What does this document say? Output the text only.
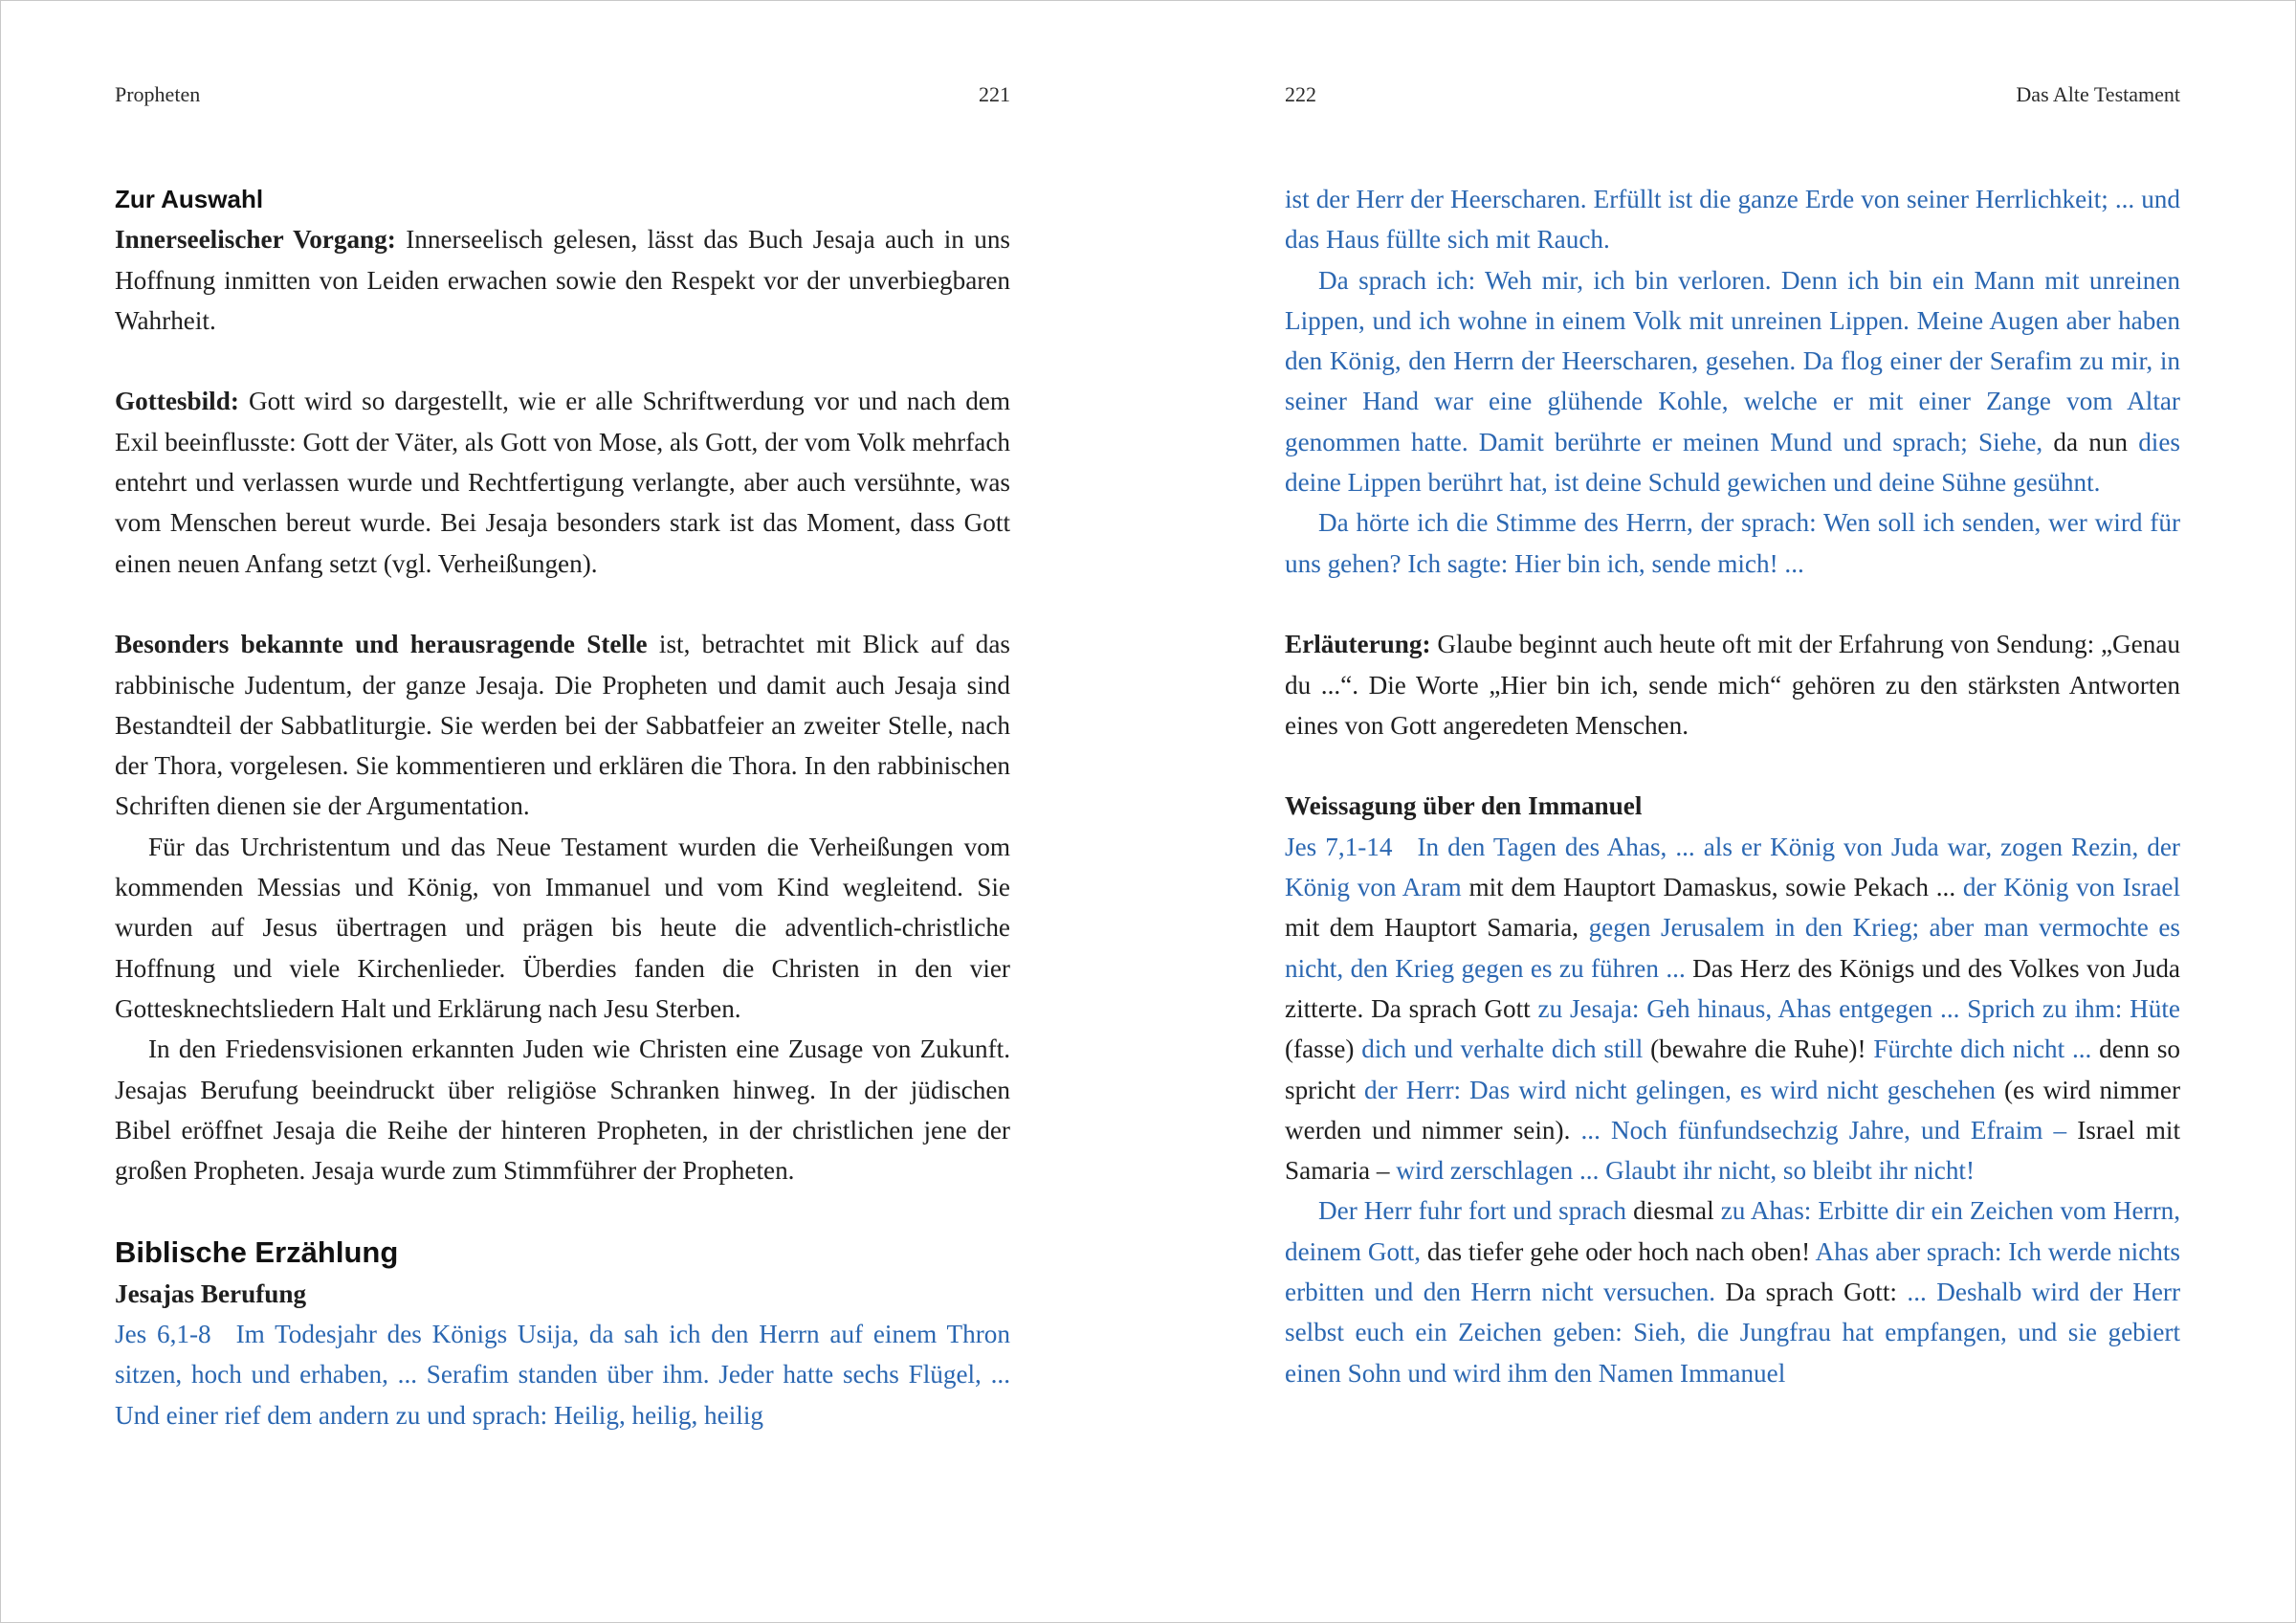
Propheten	221
Zur Auswahl

Innerseelischer Vorgang: Innerseelisch gelesen, lässt das Buch Jesaja auch in uns Hoffnung inmitten von Leiden erwachen sowie den Respekt vor der unverbiegbaren Wahrheit.

Gottesbild: Gott wird so dargestellt, wie er alle Schriftwerdung vor und nach dem Exil beeinflusste: Gott der Väter, als Gott von Mose, als Gott, der vom Volk mehrfach entehrt und verlassen wurde und Rechtfertigung verlangte, aber auch versühnte, was vom Menschen bereut wurde. Bei Jesaja besonders stark ist das Moment, dass Gott einen neuen Anfang setzt (vgl. Verheißungen).

Besonders bekannte und herausragende Stelle ist, betrachtet mit Blick auf das rabbinische Judentum, der ganze Jesaja. Die Propheten und damit auch Jesaja sind Bestandteil der Sabbatliturgie. Sie werden bei der Sabbatfeier an zweiter Stelle, nach der Thora, vorgelesen. Sie kommentieren und erklären die Thora. In den rabbinischen Schriften dienen sie der Argumentation.

Für das Urchristentum und das Neue Testament wurden die Verheißungen vom kommenden Messias und König, von Immanuel und vom Kind wegleitend. Sie wurden auf Jesus übertragen und prägen bis heute die adventlich-christliche Hoffnung und viele Kirchenlieder. Überdies fanden die Christen in den vier Gottesknechtsliedern Halt und Erklärung nach Jesu Sterben.

In den Friedensvisionen erkannten Juden wie Christen eine Zusage von Zukunft. Jesajas Berufung beeindruckt über religiöse Schranken hinweg. In der jüdischen Bibel eröffnet Jesaja die Reihe der hinteren Propheten, in der christlichen jene der großen Propheten. Jesaja wurde zum Stimmführer der Propheten.

Biblische Erzählung
Jesajas Berufung

Jes 6,1-8 Im Todesjahr des Königs Usija, da sah ich den Herrn auf einem Thron sitzen, hoch und erhaben, ... Serafim standen über ihm. Jeder hatte sechs Flügel, ... Und einer rief dem andern zu und sprach: Heilig, heilig, heilig

222	Das Alte Testament

ist der Herr der Heerscharen. Erfüllt ist die ganze Erde von seiner Herrlichkeit; ... und das Haus füllte sich mit Rauch.

Da sprach ich: Weh mir, ich bin verloren. Denn ich bin ein Mann mit unreinen Lippen, und ich wohne in einem Volk mit unreinen Lippen. Meine Augen aber haben den König, den Herrn der Heerscharen, gesehen. Da flog einer der Serafim zu mir, in seiner Hand war eine glühende Kohle, welche er mit einer Zange vom Altar genommen hatte. Damit berührte er meinen Mund und sprach; Siehe, da nun dies deine Lippen berührt hat, ist deine Schuld gewichen und deine Sühne gesühnt.

Da hörte ich die Stimme des Herrn, der sprach: Wen soll ich senden, wer wird für uns gehen? Ich sagte: Hier bin ich, sende mich! ...

Erläuterung: Glaube beginnt auch heute oft mit der Erfahrung von Sendung: „Genau du ...“. Die Worte „Hier bin ich, sende mich“ gehören zu den stärksten Antworten eines von Gott angeredeten Menschen.

Weissagung über den Immanuel

Jes 7,1-14 In den Tagen des Ahas, ... als er König von Juda war, zogen Rezin, der König von Aram mit dem Hauptort Damaskus, sowie Pekach ... der König von Israel mit dem Hauptort Samaria, gegen Jerusalem in den Krieg; aber man vermochte es nicht, den Krieg gegen es zu führen ... Das Herz des Königs und des Volkes von Juda zitterte. Da sprach Gott zu Jesaja: Geh hinaus, Ahas entgegen ... Sprich zu ihm: Hüte (fasse) dich und verhalte dich still (bewahre die Ruhe)! Fürchte dich nicht ... denn so spricht der Herr: Das wird nicht gelingen, es wird nicht geschehen (es wird nimmer werden und nimmer sein). ... Noch fünfundsechzig Jahre, und Efraim – Israel mit Samaria – wird zerschlagen ... Glaubt ihr nicht, so bleibt ihr nicht!

Der Herr fuhr fort und sprach diesmal zu Ahas: Erbitte dir ein Zeichen vom Herrn, deinem Gott, das tiefer gehe oder hoch nach oben! Ahas aber sprach: Ich werde nichts erbitten und den Herrn nicht versuchen. Da sprach Gott: ... Deshalb wird der Herr selbst euch ein Zeichen geben: Sieh, die Jungfrau hat empfangen, und sie gebiert einen Sohn und wird ihm den Namen Immanuel
